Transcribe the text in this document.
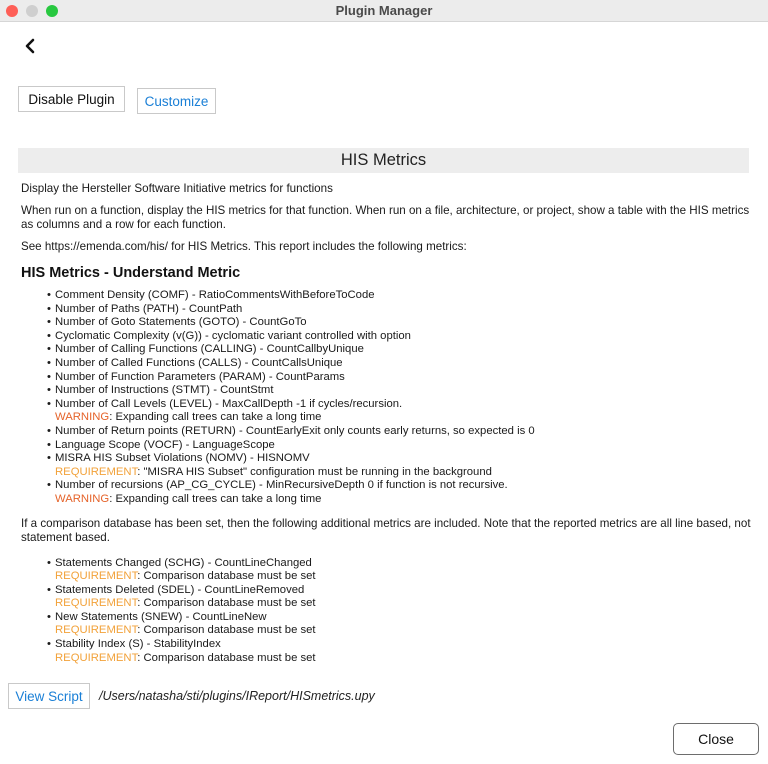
Plugin Manager
Disable Plugin	Customize
HIS Metrics

Display the Hersteller Software Initiative metrics for functions

When run on a function, display the HIS metrics for that function. When run on a file, architecture, or project, show a table with the HIS metrics as columns and a row for each function.

See https://emenda.com/his/ for HIS Metrics. This report includes the following metrics:

HIS Metrics - Understand Metric
• Comment Density (COMF) - RatioCommentsWithBeforeToCode
• Number of Paths (PATH) - CountPath
• Number of Goto Statements (GOTO) - CountGoTo
• Cyclomatic Complexity (v(G)) - cyclomatic variant controlled with option
• Number of Calling Functions (CALLING) - CountCallbyUnique
• Number of Called Functions (CALLS) - CountCallsUnique
• Number of Function Parameters (PARAM) - CountParams
• Number of Instructions (STMT) - CountStmt
• Number of Call Levels (LEVEL) - MaxCallDepth -1 if cycles/recursion.
WARNING: Expanding call trees can take a long time
• Number of Return points (RETURN) - CountEarlyExit only counts early returns, so expected is 0
• Language Scope (VOCF) - LanguageScope
• MISRA HIS Subset Violations (NOMV) - HISNOMV
REQUIREMENT: "MISRA HIS Subset" configuration must be running in the background
• Number of recursions (AP_CG_CYCLE) - MinRecursiveDepth 0 if function is not recursive.
WARNING: Expanding call trees can take a long time

If a comparison database has been set, then the following additional metrics are included. Note that the reported metrics are all line based, not statement based.

• Statements Changed (SCHG) - CountLineChanged
REQUIREMENT: Comparison database must be set
• Statements Deleted (SDEL) - CountLineRemoved
REQUIREMENT: Comparison database must be set
• New Statements (SNEW) - CountLineNew
REQUIREMENT: Comparison database must be set
• Stability Index (S) - StabilityIndex
REQUIREMENT: Comparison database must be set
View Script	/Users/natasha/sti/plugins/IReport/HISmetrics.upy
Close
